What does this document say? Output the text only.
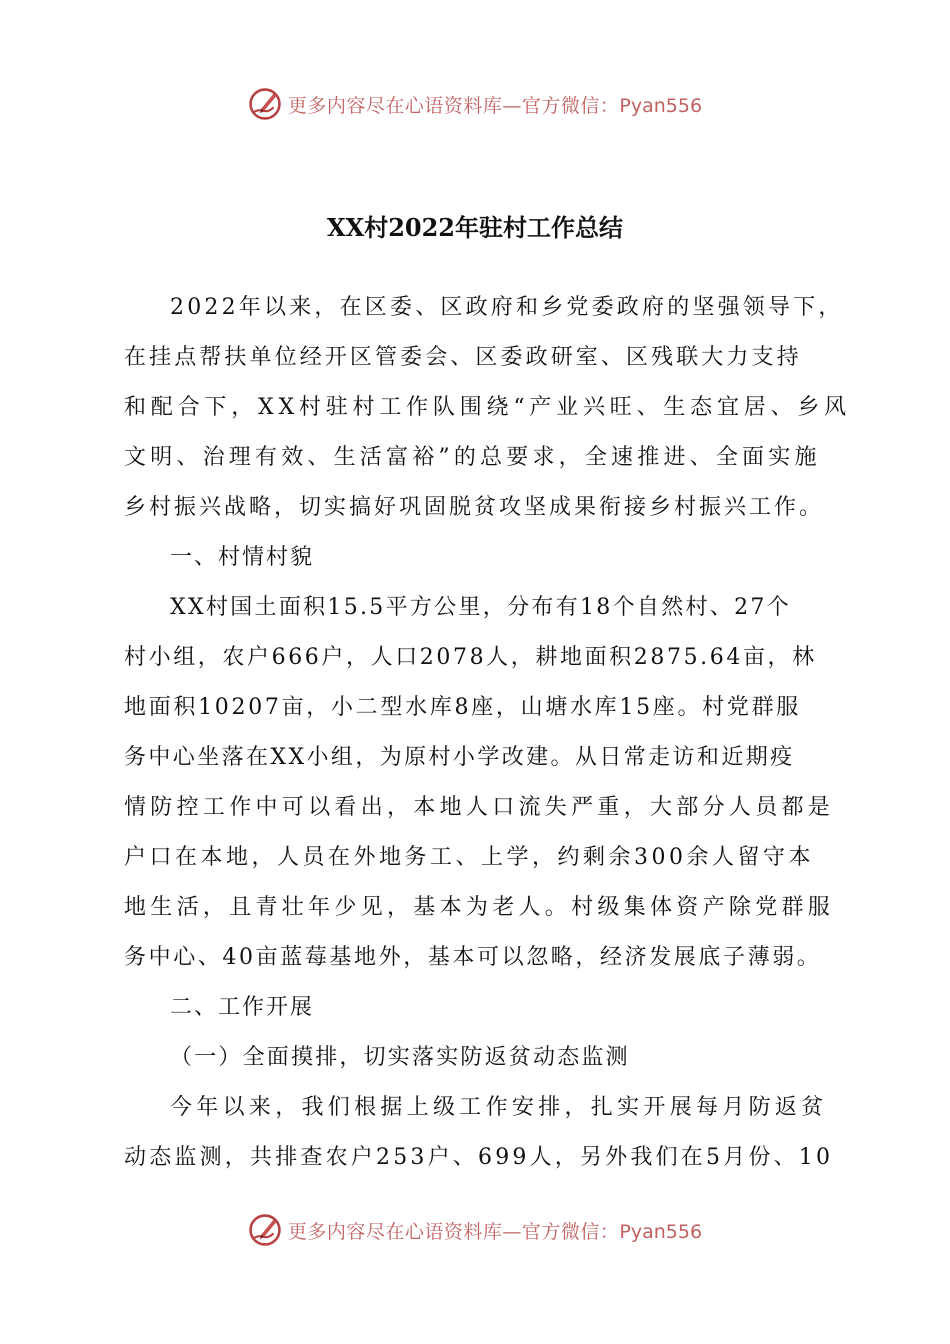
更多内容尽在心语资料库—官方微信：Pyan556
XX村2022年驻村工作总结
2022年以来，在区委、区政府和乡党委政府的坚强领导下，
在挂点帮扶单位经开区管委会、区委政研室、区残联大力支持
和配合下，XX村驻村工作队围绕“产业兴旺、生态宜居、乡风
文明、治理有效、生活富裕”的总要求，全速推进、全面实施
乡村振兴战略，切实搞好巩固脱贫攻坚成果衔接乡村振兴工作。
一、村情村貌
XX村国土面积15.5平方公里，分布有18个自然村、27个
村小组，农户666户，人口2078人，耕地面积2875.64亩，林
地面积10207亩，小二型水库8座，山塘水库15座。村党群服
务中心坐落在XX小组，为原村小学改建。从日常走访和近期疫
情防控工作中可以看出，本地人口流失严重，大部分人员都是
户口在本地，人员在外地务工、上学，约剩余300余人留守本
地生活，且青壮年少见，基本为老人。村级集体资产除党群服
务中心、40亩蓝莓基地外，基本可以忽略，经济发展底子薄弱。
二、工作开展
（一）全面摸排，切实落实防返贫动态监测
今年以来，我们根据上级工作安排，扎实开展每月防返贫
动态监测，共排查农户253户、699人，另外我们在5月份、10
更多内容尽在心语资料库—官方微信：Pyan556
